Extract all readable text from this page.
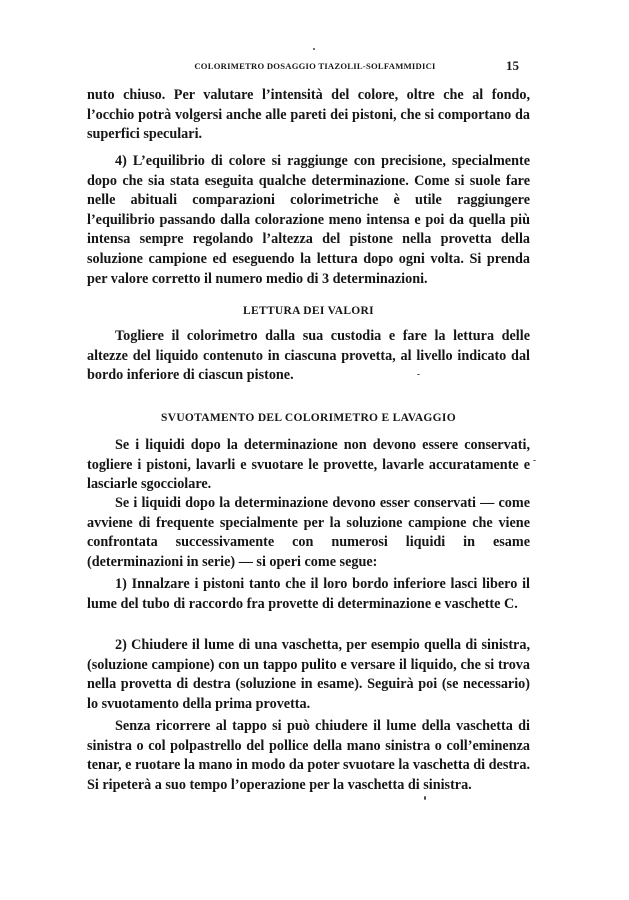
COLORIMETRO DOSAGGIO TIAZOLIL-SOLFAMMIDICI	15

nuto chiuso. Per valutare l’intensità del colore, oltre che al fondo, l’occhio potrà volgersi anche alle pareti dei pistoni, che si comportano da superfici speculari.

4) L’equilibrio di colore si raggiunge con precisione, specialmente dopo che sia stata eseguita qualche determinazione. Come si suole fare nelle abituali comparazioni colorimetriche è utile raggiungere l’equilibrio passando dalla colorazione meno intensa e poi da quella più intensa sempre regolando l’altezza del pistone nella provetta della soluzione campione ed eseguendo la lettura dopo ogni volta. Si prenda per valore corretto il numero medio di 3 determinazioni.

LETTURA DEI VALORI

Togliere il colorimetro dalla sua custodia e fare la lettura delle altezze del liquido contenuto in ciascuna provetta, al livello indicato dal bordo inferiore di ciascun pistone.

SVUOTAMENTO DEL COLORIMETRO E LAVAGGIO

Se i liquidi dopo la determinazione non devono essere conservati, togliere i pistoni, lavarli e svuotare le provette, lavarle accuratamente e lasciarle sgocciolare.

Se i liquidi dopo la determinazione devono esser conservati — come avviene di frequente specialmente per la soluzione campione che viene confrontata successivamente con numerosi liquidi in esame (determinazioni in serie) — si operi come segue:

1) Innalzare i pistoni tanto che il loro bordo inferiore lasci libero il lume del tubo di raccordo fra provette di determinazione e vaschette C.

2) Chiudere il lume di una vaschetta, per esempio quella di sinistra, (soluzione campione) con un tappo pulito e versare il liquido, che si trova nella provetta di destra (soluzione in esame). Seguirà poi (se necessario) lo svuotamento della prima provetta.

Senza ricorrere al tappo si può chiudere il lume della vaschetta di sinistra o col polpastrello del pollice della mano sinistra o coll’eminenza tenar, e ruotare la mano in modo da poter svuotare la vaschetta di destra. Si ripeterà a suo tempo l’operazione per la vaschetta di sinistra.
